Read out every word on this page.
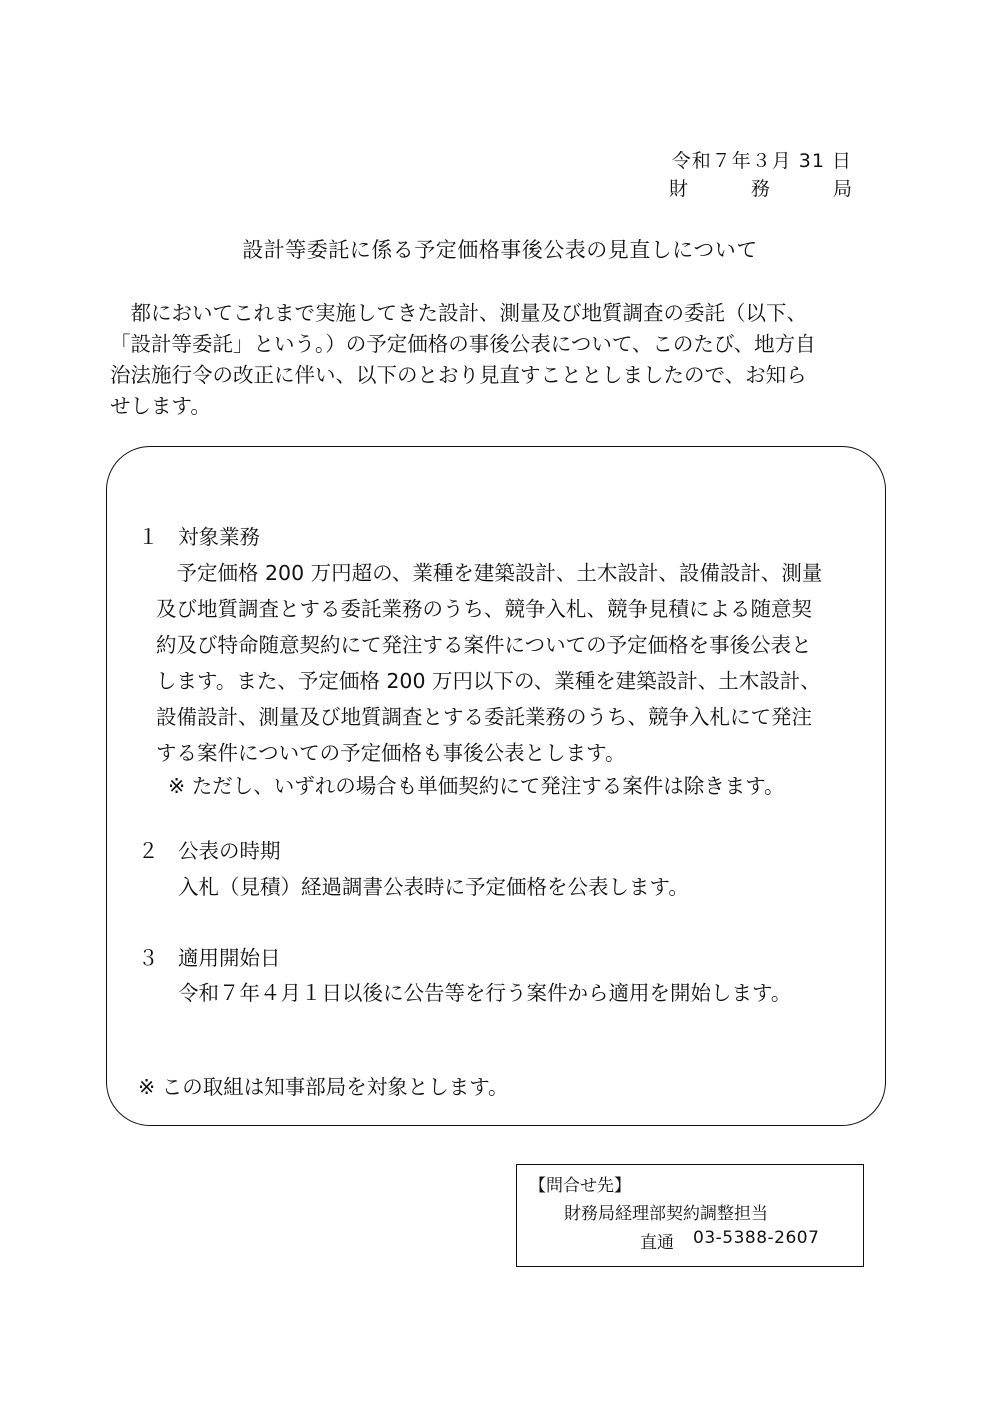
令和７年３月 31 日
財	務	局
設計等委託に係る予定価格事後公表の見直しについて
　都においてこれまで実施してきた設計、測量及び地質調査の委託（以下、
「設計等委託」という。）の予定価格の事後公表について、このたび、地方自
治法施行令の改正に伴い、以下のとおり見直すこととしましたので、お知ら
せします。
１ 対象業務
　予定価格 200 万円超の、業種を建築設計、土木設計、設備設計、測量
及び地質調査とする委託業務のうち、競争入札、競争見積による随意契
約及び特命随意契約にて発注する案件についての予定価格を事後公表と
します。また、予定価格 200 万円以下の、業種を建築設計、土木設計、
設備設計、測量及び地質調査とする委託業務のうち、競争入札にて発注
する案件についての予定価格も事後公表とします。
※ ただし、いずれの場合も単価契約にて発注する案件は除きます。
２ 公表の時期
入札（見積）経過調書公表時に予定価格を公表します。
３ 適用開始日
令和７年４月１日以後に公告等を行う案件から適用を開始します。
※ この取組は知事部局を対象とします。
【問合せ先】
財務局経理部契約調整担当
直通 03-5388-2607
